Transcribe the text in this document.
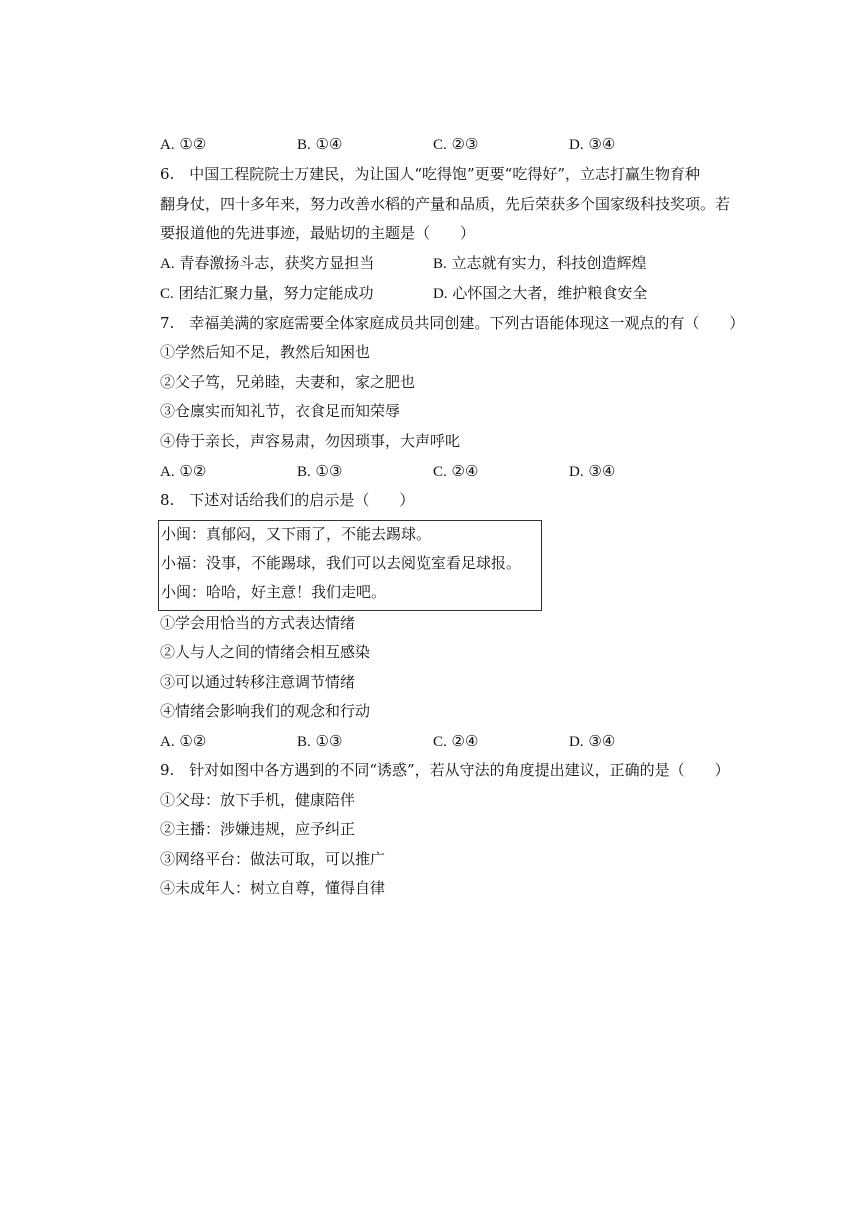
A. ①②	B. ①④	C. ②③	D. ③④
6.　中国工程院院士万建民，为让国人“吃得饱”更要“吃得好”，立志打赢生物育种
翻身仗，四十多年来，努力改善水稻的产量和品质，先后荣获多个国家级科技奖项。若
要报道他的先进事迹，最贴切的主题是（　　）
A. 青春激扬斗志，获奖方显担当	B. 立志就有实力，科技创造辉煌
C. 团结汇聚力量，努力定能成功	D. 心怀国之大者，维护粮食安全
7.　幸福美满的家庭需要全体家庭成员共同创建。下列古语能体现这一观点的有（　　）
①学然后知不足，教然后知困也
②父子笃，兄弟睦，夫妻和，家之肥也
③仓廪实而知礼节，衣食足而知荣辱
④侍于亲长，声容易肃，勿因琐事，大声呼叱
A. ①②	B. ①③	C. ②④	D. ③④
8.　下述对话给我们的启示是（　　）
小闽：真郁闷，又下雨了，不能去踢球。
小福：没事，不能踢球，我们可以去阅览室看足球报。
小闽：哈哈，好主意！我们走吧。
①学会用恰当的方式表达情绪
②人与人之间的情绪会相互感染
③可以通过转移注意调节情绪
④情绪会影响我们的观念和行动
A. ①②	B. ①③	C. ②④	D. ③④
9.　针对如图中各方遇到的不同“诱惑”，若从守法的角度提出建议，正确的是（　　）
①父母：放下手机，健康陪伴
②主播：涉嫌违规，应予纠正
③网络平台：做法可取，可以推广
④未成年人：树立自尊，懂得自律
